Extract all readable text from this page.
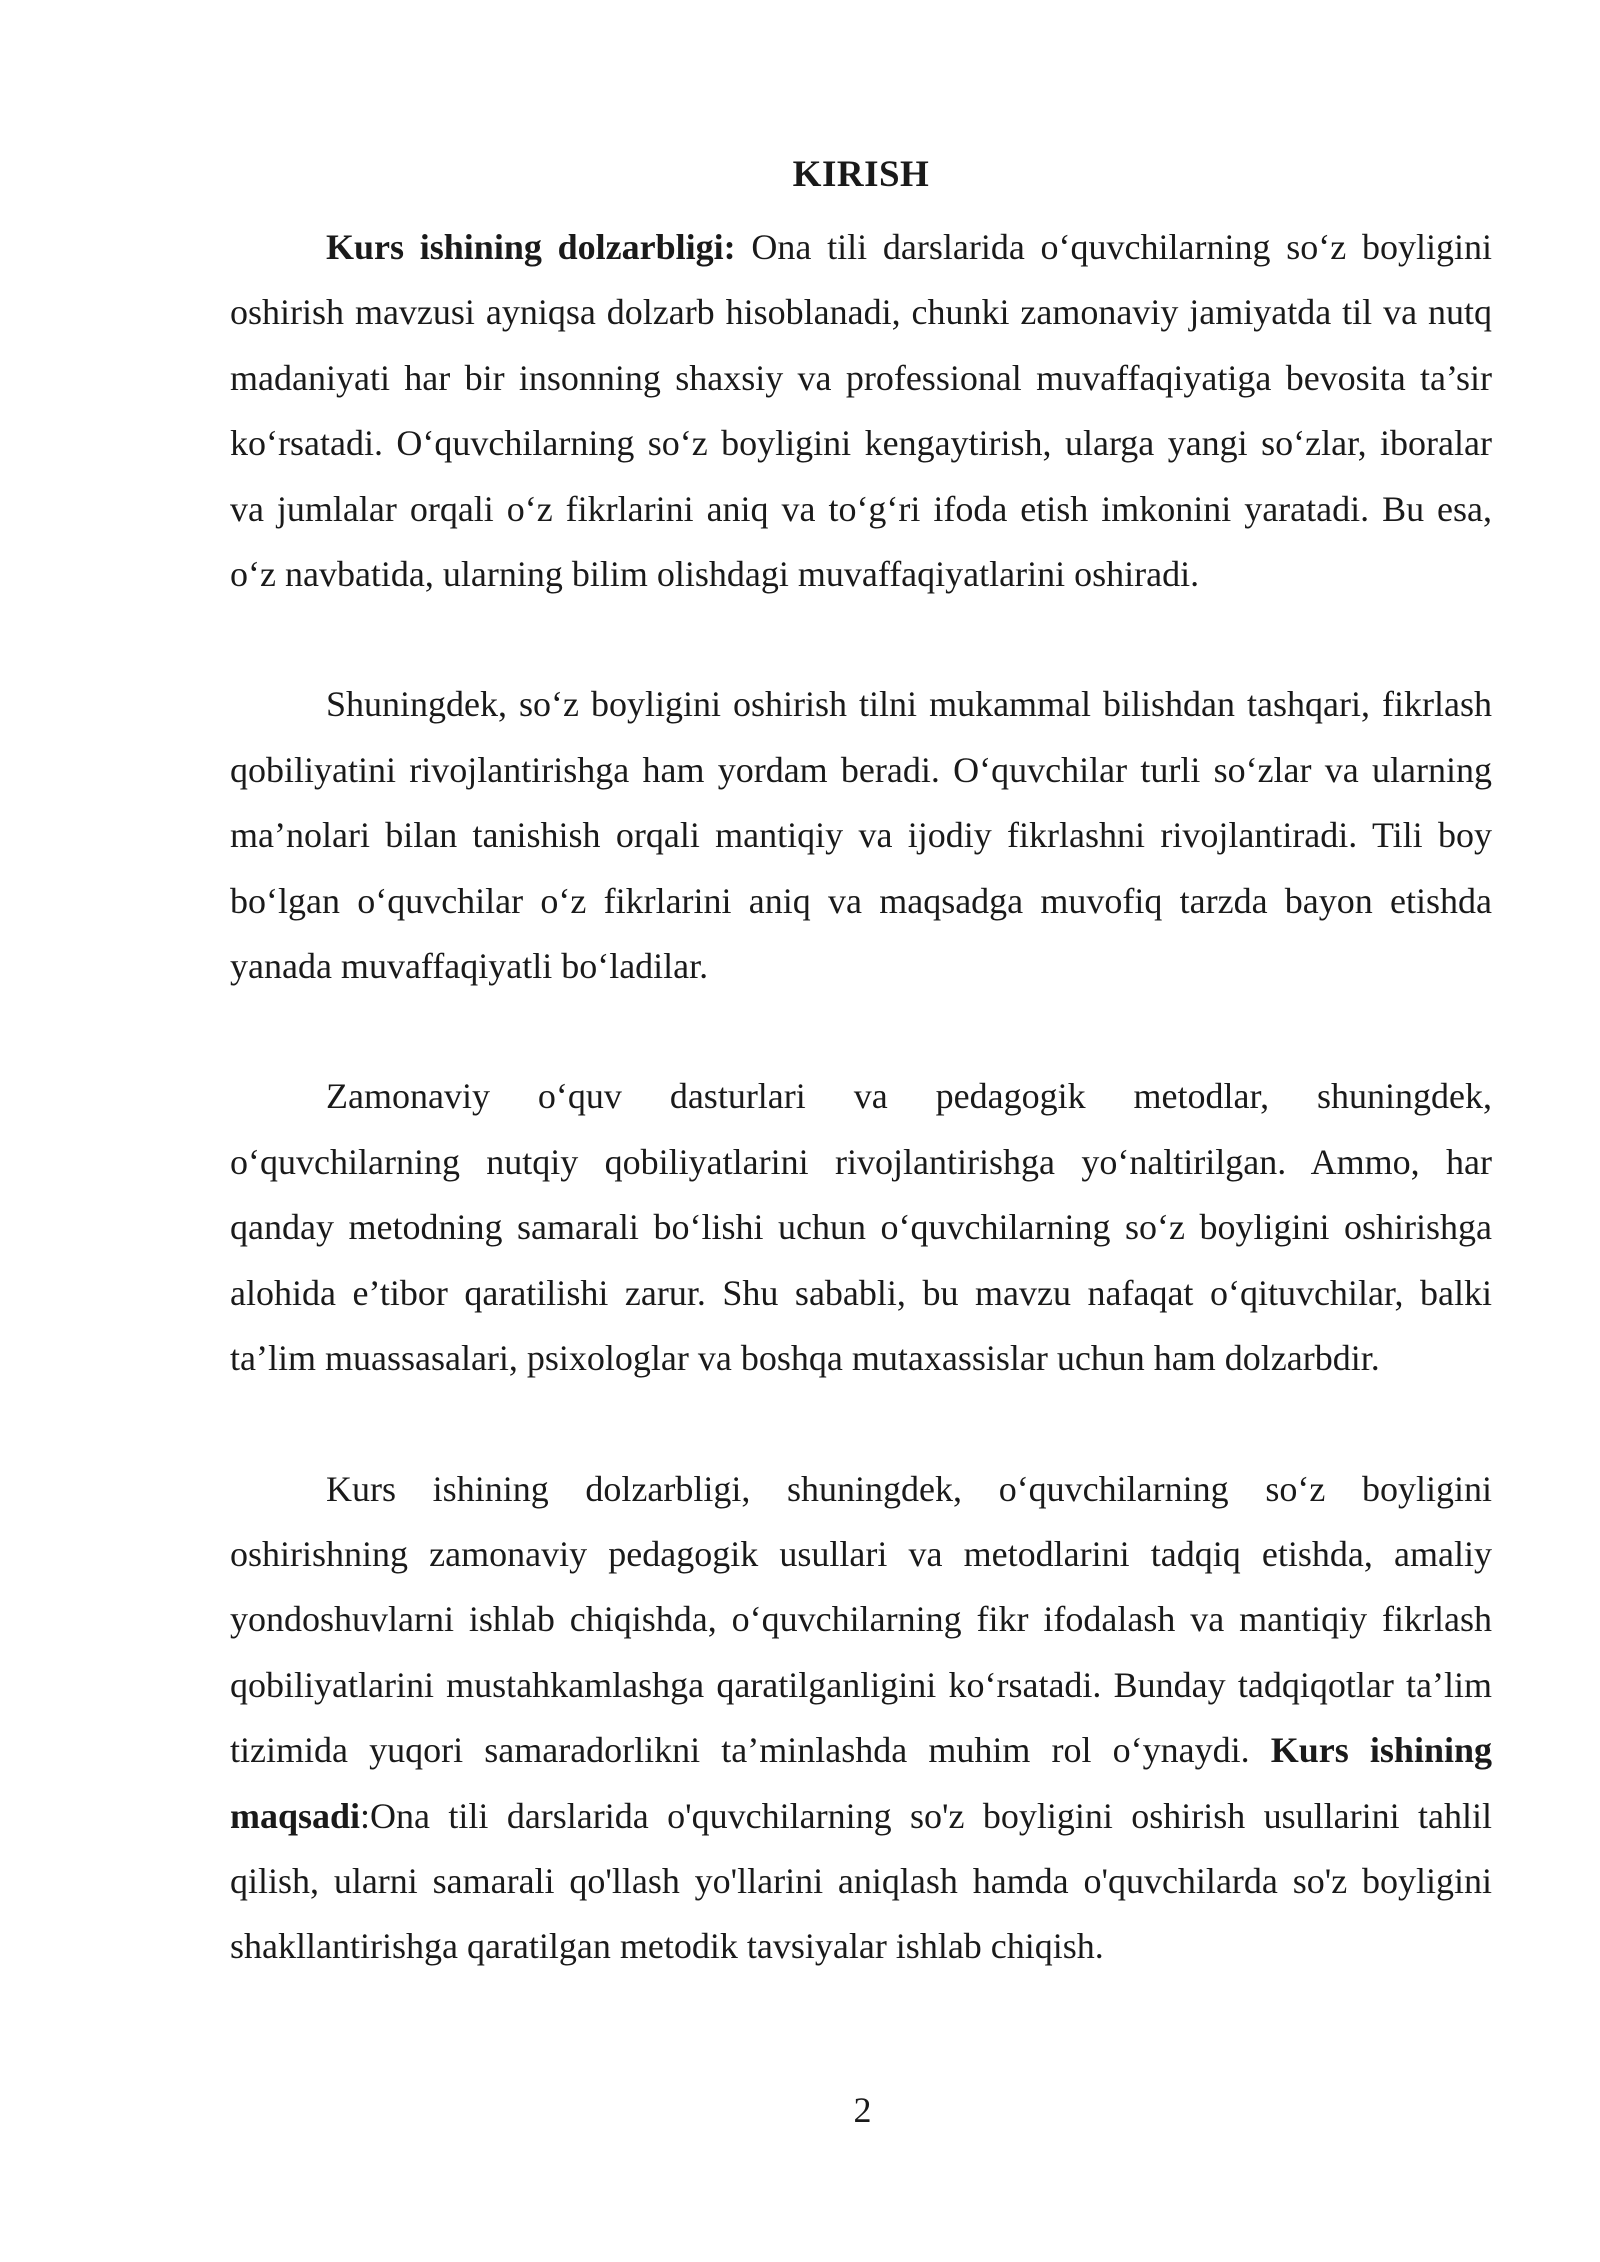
KIRISH

Kurs ishining dolzarbligi: Ona tili darslarida o‘quvchilarning so‘z boyligini oshirish mavzusi ayniqsa dolzarb hisoblanadi, chunki zamonaviy jamiyatda til va nutq madaniyati har bir insonning shaxsiy va professional muvaffaqiyatiga bevosita ta’sir ko‘rsatadi. O‘quvchilarning so‘z boyligini kengaytirish, ularga yangi so‘zlar, iboralar va jumlalar orqali o‘z fikrlarini aniq va to‘g‘ri ifoda etish imkonini yaratadi. Bu esa, o‘z navbatida, ularning bilim olishdagi muvaffaqiyatlarini oshiradi.

Shuningdek, so‘z boyligini oshirish tilni mukammal bilishdan tashqari, fikrlash qobiliyatini rivojlantirishga ham yordam beradi. O‘quvchilar turli so‘zlar va ularning ma’nolari bilan tanishish orqali mantiqiy va ijodiy fikrlashni rivojlantiradi. Tili boy bo‘lgan o‘quvchilar o‘z fikrlarini aniq va maqsadga muvofiq tarzda bayon etishda yanada muvaffaqiyatli bo‘ladilar.

Zamonaviy o‘quv dasturlari va pedagogik metodlar, shuningdek, o‘quvchilarning nutqiy qobiliyatlarini rivojlantirishga yo‘naltirilgan. Ammo, har qanday metodning samarali bo‘lishi uchun o‘quvchilarning so‘z boyligini oshirishga alohida e’tibor qaratilishi zarur. Shu sababli, bu mavzu nafaqat o‘qituvchilar, balki ta’lim muassasalari, psixologlar va boshqa mutaxassislar uchun ham dolzarbdir.

Kurs ishining dolzarbligi, shuningdek, o‘quvchilarning so‘z boyligini oshirishning zamonaviy pedagogik usullari va metodlarini tadqiq etishda, amaliy yondoshuvlarni ishlab chiqishda, o‘quvchilarning fikr ifodalash va mantiqiy fikrlash qobiliyatlarini mustahkamlashga qaratilganligini ko‘rsatadi. Bunday tadqiqotlar ta’lim tizimida yuqori samaradorlikni ta’minlashda muhim rol o‘ynaydi. Kurs ishining maqsadi:Ona tili darslarida o'quvchilarning so'z boyligini oshirish usullarini tahlil qilish, ularni samarali qo'llash yo'llarini aniqlash hamda o'quvchilarda so'z boyligini shakllantirishga qaratilgan metodik tavsiyalar ishlab chiqish.

2
